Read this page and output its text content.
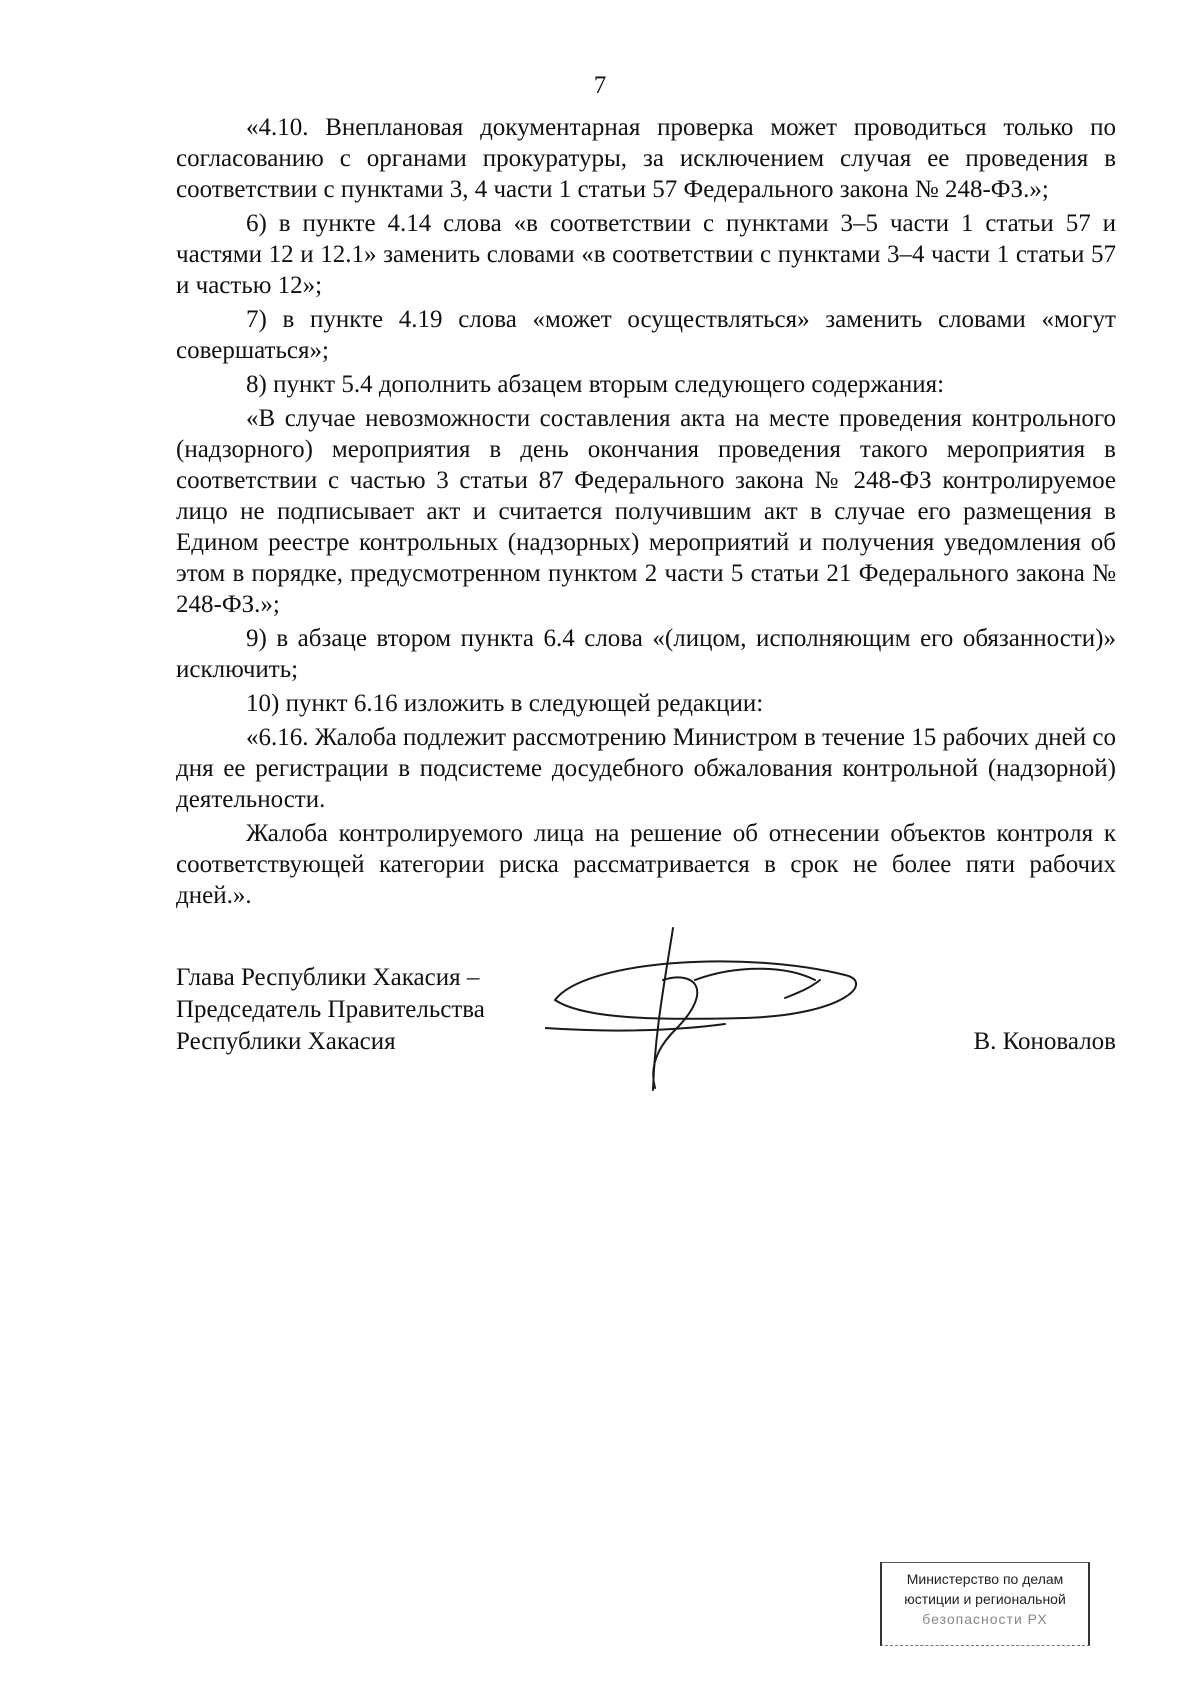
7

«4.10. Внеплановая документарная проверка может проводиться только по согласованию с органами прокуратуры, за исключением случая ее проведения в соответствии с пунктами 3, 4 части 1 статьи 57 Федерального закона № 248-ФЗ.»;

6) в пункте 4.14 слова «в соответствии с пунктами 3–5 части 1 статьи 57 и частями 12 и 12.1» заменить словами «в соответствии с пунктами 3–4 части 1 статьи 57 и частью 12»;

7) в пункте 4.19 слова «может осуществляться» заменить словами «могут совершаться»;

8) пункт 5.4 дополнить абзацем вторым следующего содержания:

«В случае невозможности составления акта на месте проведения контрольного (надзорного) мероприятия в день окончания проведения такого мероприятия в соответствии с частью 3 статьи 87 Федерального закона № 248-ФЗ контролируемое лицо не подписывает акт и считается получившим акт в случае его размещения в Едином реестре контрольных (надзорных) мероприятий и получения уведомления об этом в порядке, предусмотренном пунктом 2 части 5 статьи 21 Федерального закона № 248-ФЗ.»;

9) в абзаце втором пункта 6.4 слова «(лицом, исполняющим его обязанности)» исключить;

10) пункт 6.16 изложить в следующей редакции:

«6.16. Жалоба подлежит рассмотрению Министром в течение 15 рабочих дней со дня ее регистрации в подсистеме досудебного обжалования контрольной (надзорной) деятельности.

Жалоба контролируемого лица на решение об отнесении объектов контроля к соответствующей категории риска рассматривается в срок не более пяти рабочих дней.».

Глава Республики Хакасия –
Председатель Правительства
Республики Хакасия	В. Коновалов
Министерство по делам
юстиции и региональной
безопасности РХ
